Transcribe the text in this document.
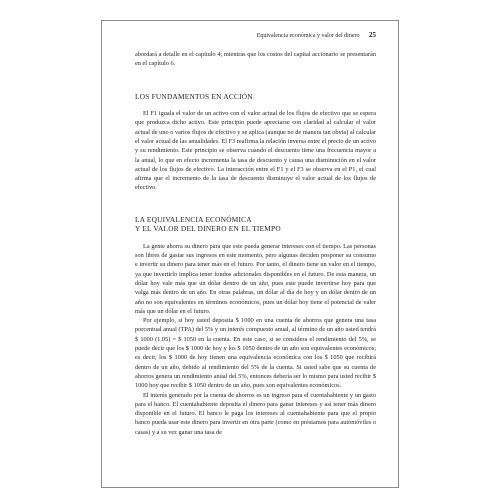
Equivalencia económica y valor del dinero 25

abordará a detalle en el capítulo 4; mientras que los costos del capital accionario se presentarán en el capítulo 6.

LOS FUNDAMENTOS EN ACCIÓN

El F1 iguala el valor de un activo con el valor actual de los flujos de efectivo que se espera que produzca dicho activo. Este principio puede apreciarse con claridad al calcular el valor actual de uno o varios flujos de efectivo y se aplica (aunque no de manera tan obvia) al calcular el valor actual de las anualidades. El F3 reafirma la relación inversa entre el precio de un activo y su rendimiento. Este principio se observa cuando el descuento tiene una frecuencia mayor a la anual, lo que en efecto incrementa la tasa de descuento y causa una disminución en el valor actual de los flujos de efectivo. La interacción entre el F1 y el F3 se observa en el P1, el cual afirma que el incremento de la tasa de descuento disminuye el valor actual de los flujos de efectivo.

LA EQUIVALENCIA ECONÓMICA
Y EL VALOR DEL DINERO EN EL TIEMPO

La gente ahorra su dinero para que este pueda generar intereses con el tiempo. Las personas son libres de gastar sus ingresos en este momento, pero algunas deciden posponer su consumo e invertir su dinero para tener más en el futuro. Por tanto, el dinero tiene un valor en el tiempo, ya que invertirlo implica tener fondos adicionales disponibles en el futuro. De esta manera, un dólar hoy vale más que un dólar dentro de un año, pues este puede invertirse hoy para que valga más dentro de un año. En otras palabras, un dólar al día de hoy y un dólar dentro de un año no son equivalentes en términos económicos, pues un dólar hoy tiene el potencial de valer más que un dólar en el futuro.

Por ejemplo, si hoy usted deposita $ 1000 en una cuenta de ahorros que genera una tasa porcentual anual (TPA) del 5% y un interés compuesto anual, al término de un año usted tendrá $ 1000 (1.05) = $ 1050 en la cuenta. En este caso, si se considera el rendimiento del 5%, se puede decir que los $ 1000 de hoy y los $ 1050 dentro de un año son equivalentes económicos; es decir, los $ 1000 de hoy tienen una equivalencia económica con los $ 1050 que recibirá dentro de un año, debido al rendimiento del 5% de la cuenta. Si usted sabe que su cuenta de ahorros genera un rendimiento anual del 5%, entonces debería ser lo mismo para usted recibir $ 1000 hoy que recibir $ 1050 dentro de un año, pues son equivalentes económicos.

El interés generado por la cuenta de ahorros es un ingreso para el cuentahabiente y un gasto para el banco. El cuentahabiente deposita el dinero para ganar intereses y así tener más dinero disponible en el futuro. El banco le paga los intereses al cuentahabiente para que el propio banco pueda usar este dinero para invertir en otra parte (como en préstamos para automóviles o casas) y a su vez ganar una tasa de
